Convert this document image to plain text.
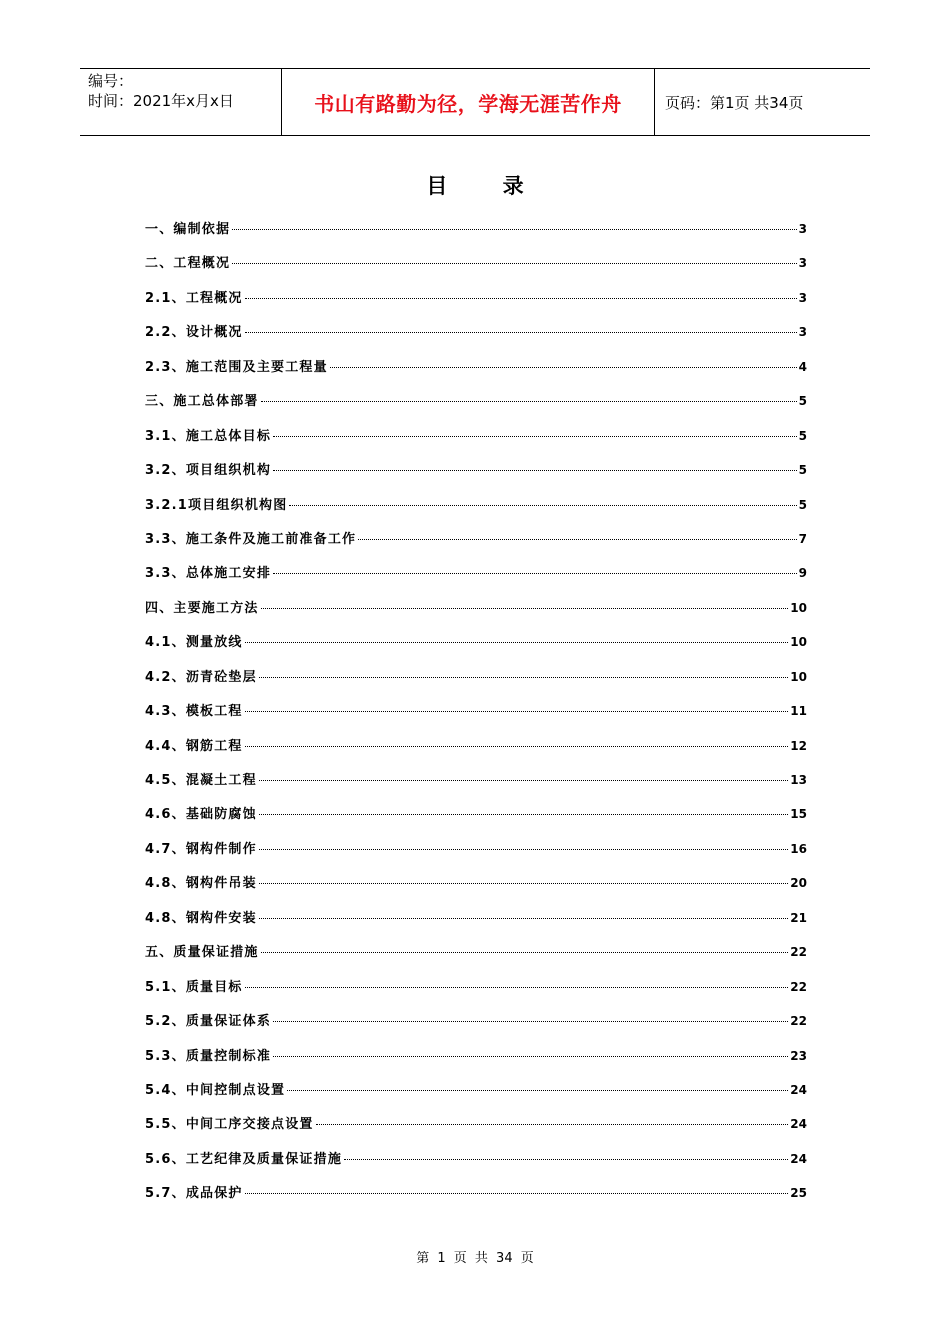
编号：
时间：2021年x月x日	书山有路勤为径，学海无涯苦作舟	页码：第1页 共34页
目 录
一、编制依据	3
二、工程概况	3
2.1、工程概况	3
2.2、设计概况	3
2.3、施工范围及主要工程量	4
三、施工总体部署	5
3.1、施工总体目标	5
3.2、项目组织机构	5
3.2.1项目组织机构图	5
3.3、施工条件及施工前准备工作	7
3.3、总体施工安排	9
四、主要施工方法	10
4.1、测量放线	10
4.2、沥青砼垫层	10
4.3、模板工程	11
4.4、钢筋工程	12
4.5、混凝土工程	13
4.6、基础防腐蚀	15
4.7、钢构件制作	16
4.8、钢构件吊装	20
4.8、钢构件安装	21
五、质量保证措施	22
5.1、质量目标	22
5.2、质量保证体系	22
5.3、质量控制标准	23
5.4、中间控制点设置	24
5.5、中间工序交接点设置	24
5.6、工艺纪律及质量保证措施	24
5.7、成品保护	25
第 1 页 共 34 页
